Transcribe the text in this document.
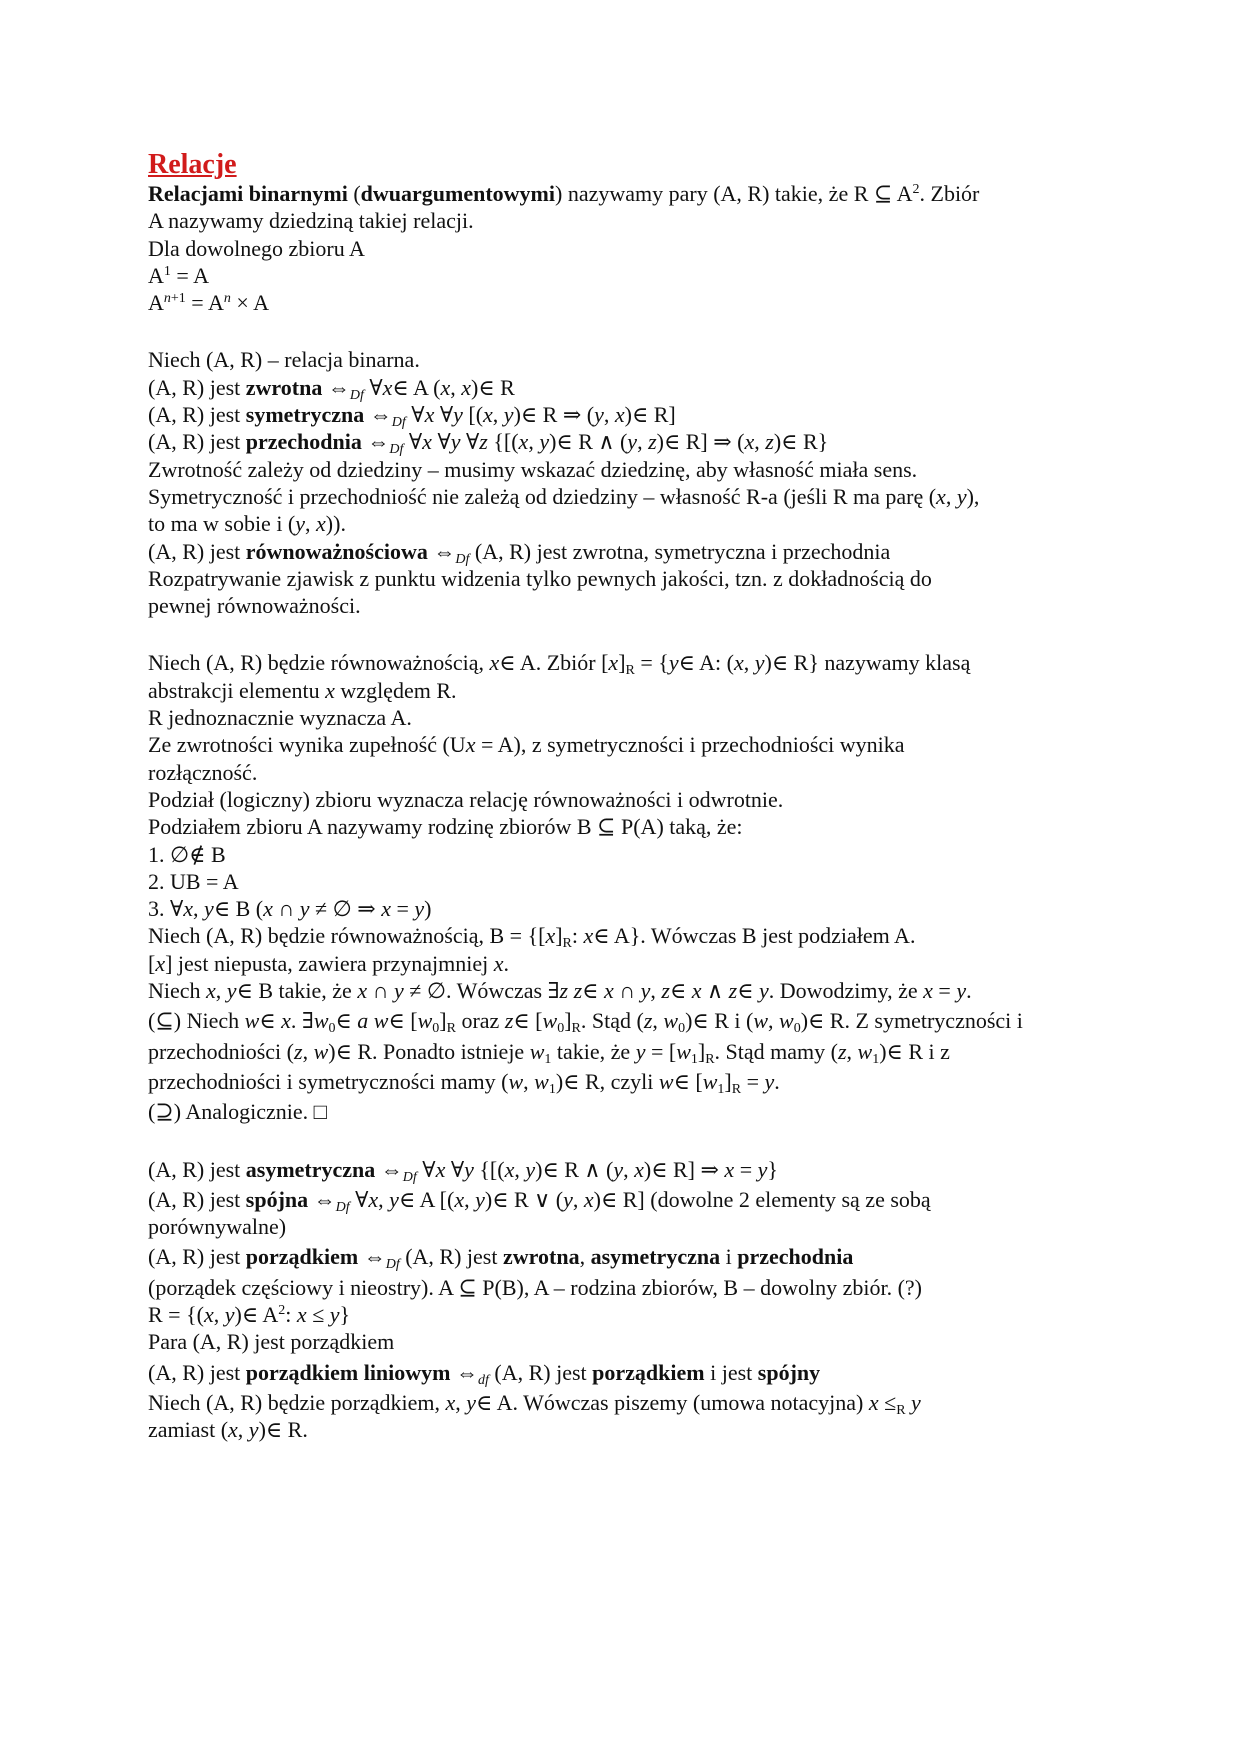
Relacje
Relacjami binarnymi (dwuargumentowymi) nazywamy pary (A, R) takie, że R ⊆ $A^2$. Zbiór
A nazywamy dziedziną takiej relacji.
Dla dowolnego zbioru A
$A^1 = A$
$A^{n+1} = A^n \times A$
Niech (A, R) – relacja binarna.
(A, R) jest zwrotna $\Leftrightarrow_{Df}$ ∀x∈ A (x, x)∈ R
(A, R) jest symetryczna $\Leftrightarrow_{Df}$ ∀x ∀y [(x, y)∈ R ⇒ (y, x)∈ R]
(A, R) jest przechodnia $\Leftrightarrow_{Df}$ ∀x ∀y ∀z {[(x, y)∈ R ∧ (y, z)∈ R] ⇒ (x, z)∈ R}
Zwrotność zależy od dziedziny – musimy wskazać dziedzinę, aby własność miała sens.
Symetryczność i przechodniość nie zależą od dziedziny – własność R-a (jeśli R ma parę (x, y),
to ma w sobie i (y, x)).
(A, R) jest równoważnościowa $\Leftrightarrow_{Df}$ (A, R) jest zwrotna, symetryczna i przechodnia
Rozpatrywanie zjawisk z punktu widzenia tylko pewnych jakości, tzn. z dokładnością do
pewnej równoważności.
Niech (A, R) będzie równoważnością, x∈ A. Zbiór $[x]_R$ = {y∈ A: (x, y)∈ R} nazywamy klasą
abstrakcji elementu x względem R.
R jednoznacznie wyznacza A.
Ze zwrotności wynika zupełność (Ux = A), z symetryczności i przechodniości wynika
rozłączność.
Podział (logiczny) zbioru wyznacza relację równoważności i odwrotnie.
Podziałem zbioru A nazywamy rodzinę zbiorów B ⊆ P(A) taką, że:
1. ∅∉ B
2. UB = A
3. ∀x, y∈ B (x ∩ y ≠ ∅ ⇒ x = y)
Niech (A, R) będzie równoważnością, $B = \{[x]_R$: x∈ A}. Wówczas B jest podziałem A.
[x] jest niepusta, zawiera przynajmniej x.
Niech x, y∈ B takie, że x ∩ y ≠ ∅. Wówczas ∃z z∈ x ∩ y, z∈ x ∧ z∈ y. Dowodzimy, że x = y.
(⊆) Niech w∈ x. $\exists w_0\in$ a w∈ $[w_0]_R$ oraz z∈ $[w_0]_R$. Stąd (z, $w_0)\in$ R i (w, $w_0)\in$ R. Z symetryczności i
przechodniości (z, w)∈ R. Ponadto istnieje $w_1$ takie, że $y = [w_1]_R$. Stąd mamy (z, $w_1)\in$ R i z
przechodniości i symetryczności mamy (w, $w_1)\in$ R, czyli w∈ $[w_1]_R = y$.
(⊇) Analogicznie. □
(A, R) jest asymetryczna $\Leftrightarrow_{Df}$ ∀x ∀y {[(x, y)∈ R ∧ (y, x)∈ R] ⇒ x = y}
(A, R) jest spójna $\Leftrightarrow_{Df}$ ∀x, y∈ A [(x, y)∈ R ∨ (y, x)∈ R] (dowolne 2 elementy są ze sobą
porównywalne)
(A, R) jest porządkiem $\Leftrightarrow_{Df}$ (A, R) jest zwrotna, asymetryczna i przechodnia
(porządek częściowy i nieostry). A ⊆ P(B), A – rodzina zbiorów, B – dowolny zbiór. (?)
R = {(x, y)∈ $A^2$: x ≤ y}
Para (A, R) jest porządkiem
(A, R) jest porządkiem liniowym $\Leftrightarrow_{df}$ (A, R) jest porządkiem i jest spójny
Niech (A, R) będzie porządkiem, x, y∈ A. Wówczas piszemy (umowa notacyjna) $x \le_R$ y
zamiast (x, y)∈ R.
